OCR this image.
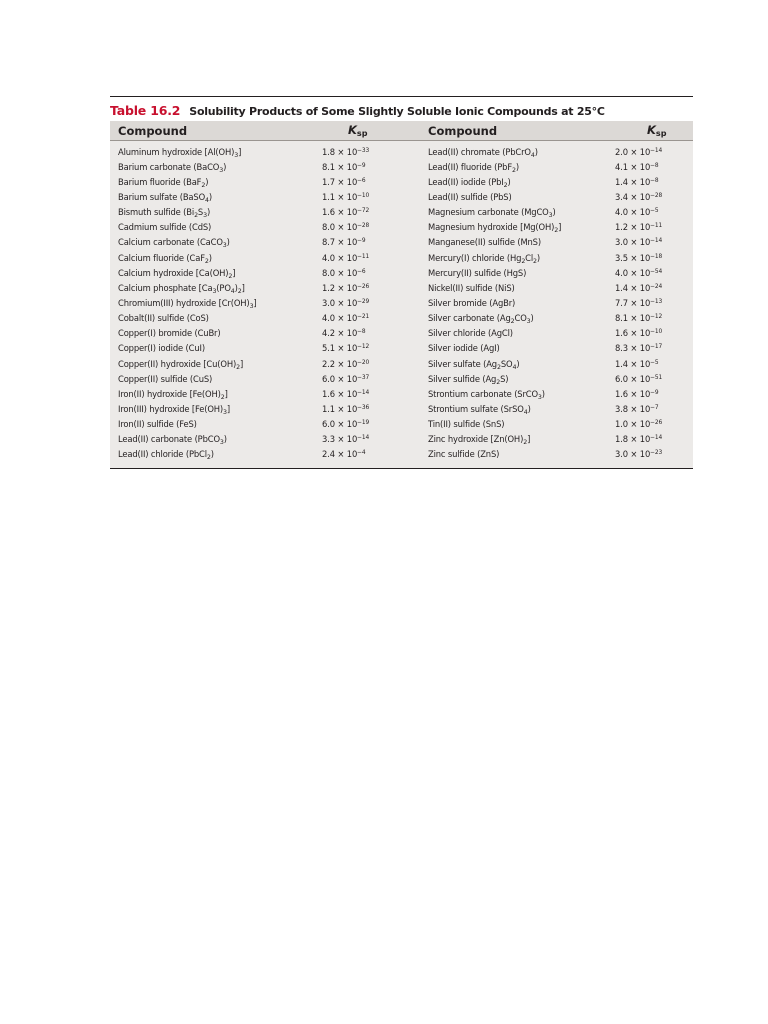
Table 16.2 Solubility Products of Some Slightly Soluble Ionic Compounds at 25°C
Compound	Ksp	Compound	Ksp
Aluminum hydroxide $[Al(OH)_3]$	$1.8 \times 10^{-33}$	Lead(II) chromate (PbCrO$_4$)	$2.0 \times 10^{-14}$
Barium carbonate (BaCO$_3$)	$8.1 \times 10^{-9}$	Lead(II) fluoride (PbF$_2$)	$4.1 \times 10^{-8}$
Barium fluoride (BaF$_2$)	$1.7 \times 10^{-6}$	Lead(II) iodide (PbI$_2$)	$1.4 \times 10^{-8}$
Barium sulfate (BaSO$_4$)	$1.1 \times 10^{-10}$	Lead(II) sulfide (PbS)	$3.4 \times 10^{-28}$
Bismuth sulfide $(Bi_2S_3)$	$1.6 \times 10^{-72}$	Magnesium carbonate (MgCO$_3$)	$4.0 \times 10^{-5}$
Cadmium sulfide (CdS)	$8.0 \times 10^{-28}$	Magnesium hydroxide $[Mg(OH)_2]$	$1.2 \times 10^{-11}$
Calcium carbonate (CaCO$_3$)	$8.7 \times 10^{-9}$	Manganese(II) sulfide (MnS)	$3.0 \times 10^{-14}$
Calcium fluoride (CaF$_2$)	$4.0 \times 10^{-11}$	Mercury(I) chloride $(Hg_2Cl_2)$	$3.5 \times 10^{-18}$
Calcium hydroxide $[Ca(OH)_2]$	$8.0 \times 10^{-6}$	Mercury(II) sulfide (HgS)	$4.0 \times 10^{-54}$
Calcium phosphate $[Ca_3(PO_4)_2]$	$1.2 \times 10^{-26}$	Nickel(II) sulfide (NiS)	$1.4 \times 10^{-24}$
Chromium(III) hydroxide $[Cr(OH)_3]$	$3.0 \times 10^{-29}$	Silver bromide (AgBr)	$7.7 \times 10^{-13}$
Cobalt(II) sulfide (CoS)	$4.0 \times 10^{-21}$	Silver carbonate $(Ag_2CO_3)$	$8.1 \times 10^{-12}$
Copper(I) bromide (CuBr)	$4.2 \times 10^{-8}$	Silver chloride (AgCl)	$1.6 \times 10^{-10}$
Copper(I) iodide (CuI)	$5.1 \times 10^{-12}$	Silver iodide (AgI)	$8.3 \times 10^{-17}$
Copper(II) hydroxide $[Cu(OH)_2]$	$2.2 \times 10^{-20}$	Silver sulfate $(Ag_2SO_4)$	$1.4 \times 10^{-5}$
Copper(II) sulfide (CuS)	$6.0 \times 10^{-37}$	Silver sulfide $(Ag_2S)$	$6.0 \times 10^{-51}$
Iron(II) hydroxide $[Fe(OH)_2]$	$1.6 \times 10^{-14}$	Strontium carbonate (SrCO$_3$)	$1.6 \times 10^{-9}$
Iron(III) hydroxide $[Fe(OH)_3]$	$1.1 \times 10^{-36}$	Strontium sulfate (SrSO$_4$)	$3.8 \times 10^{-7}$
Iron(II) sulfide (FeS)	$6.0 \times 10^{-19}$	Tin(II) sulfide (SnS)	$1.0 \times 10^{-26}$
Lead(II) carbonate (PbCO$_3$)	$3.3 \times 10^{-14}$	Zinc hydroxide $[Zn(OH)_2]$	$1.8 \times 10^{-14}$
Lead(II) chloride (PbCl$_2$)	$2.4 \times 10^{-4}$	Zinc sulfide (ZnS)	$3.0 \times 10^{-23}$
